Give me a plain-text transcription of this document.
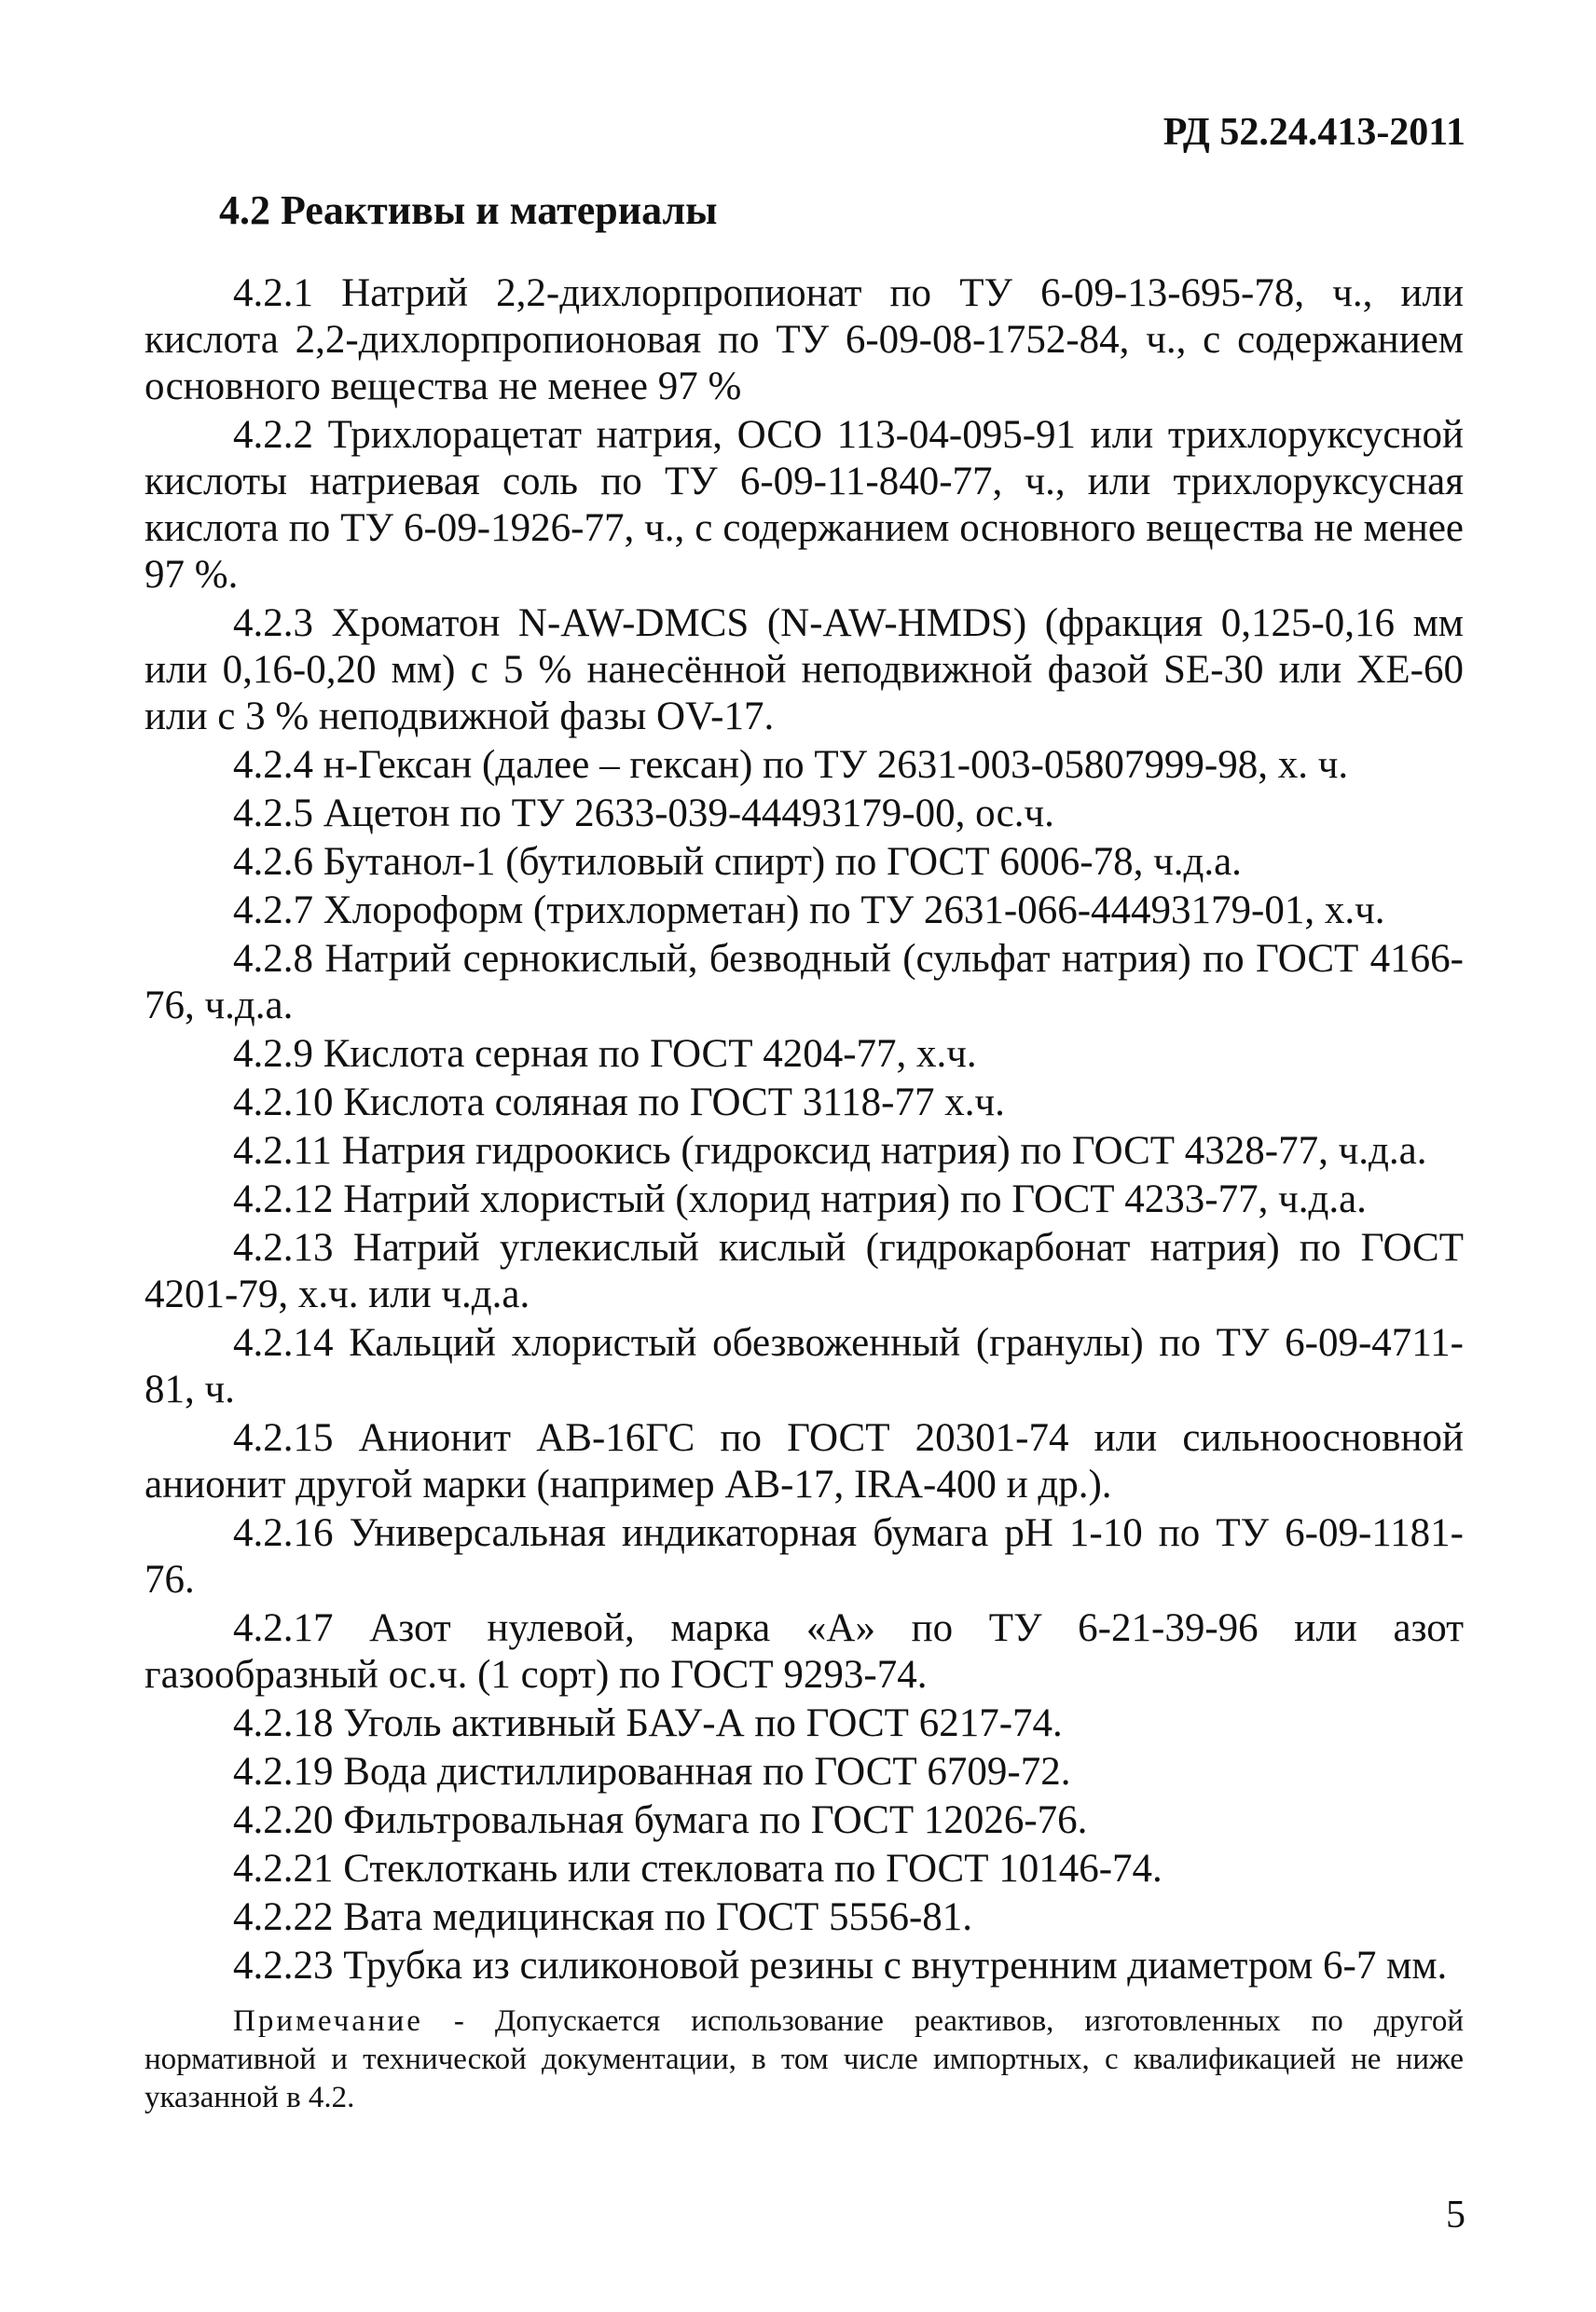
РД 52.24.413-2011
4.2 Реактивы и материалы

4.2.1 Натрий 2,2-дихлорпропионат по ТУ 6-09-13-695-78, ч., или кислота 2,2-дихлорпропионовая по ТУ 6-09-08-1752-84, ч., с содержанием основного вещества не менее 97 %

4.2.2 Трихлорацетат натрия, ОСО 113-04-095-91 или трихлоруксусной кислоты натриевая соль по ТУ 6-09-11-840-77, ч., или трихлоруксусная кислота по ТУ 6-09-1926-77, ч., с содержанием основного вещества не менее 97 %.

4.2.3 Хроматон N-AW-DMCS (N-AW-HMDS) (фракция 0,125-0,16 мм или 0,16-0,20 мм) с 5 % нанесённой неподвижной фазой SE-30 или XE-60 или с 3 % неподвижной фазы OV-17.

4.2.4 н-Гексан (далее – гексан) по ТУ 2631-003-05807999-98, х. ч.

4.2.5 Ацетон по ТУ 2633-039-44493179-00, ос.ч.

4.2.6 Бутанол-1 (бутиловый спирт) по ГОСТ 6006-78, ч.д.а.

4.2.7 Хлороформ (трихлорметан) по ТУ 2631-066-44493179-01, х.ч.

4.2.8 Натрий сернокислый, безводный (сульфат натрия) по ГОСТ 4166-76, ч.д.а.

4.2.9 Кислота серная по ГОСТ 4204-77, х.ч.

4.2.10 Кислота соляная по ГОСТ 3118-77 х.ч.

4.2.11 Натрия гидроокись (гидроксид натрия) по ГОСТ 4328-77, ч.д.а.

4.2.12 Натрий хлористый (хлорид натрия) по ГОСТ 4233-77, ч.д.а.

4.2.13 Натрий углекислый кислый (гидрокарбонат натрия) по ГОСТ 4201-79, х.ч. или ч.д.а.

4.2.14 Кальций хлористый обезвоженный (гранулы) по ТУ 6-09-4711-81, ч.

4.2.15 Анионит АВ-16ГС по ГОСТ 20301-74 или сильноосновной анионит другой марки (например АВ-17, IRA-400 и др.).

4.2.16 Универсальная индикаторная бумага рН 1-10 по ТУ 6-09-1181-76.

4.2.17 Азот нулевой, марка «А» по ТУ 6-21-39-96 или азот газообразный ос.ч. (1 сорт) по ГОСТ 9293-74.

4.2.18 Уголь активный БАУ-А по ГОСТ 6217-74.

4.2.19 Вода дистиллированная по ГОСТ 6709-72.

4.2.20 Фильтровальная бумага по ГОСТ 12026-76.

4.2.21 Стеклоткань или стекловата по ГОСТ 10146-74.

4.2.22 Вата медицинская по ГОСТ 5556-81.

4.2.23 Трубка из силиконовой резины с внутренним диаметром 6-7 мм.

Примечание - Допускается использование реактивов, изготовленных по другой нормативной и технической документации, в том числе импортных, с квалификацией не ниже указанной в 4.2.

5
